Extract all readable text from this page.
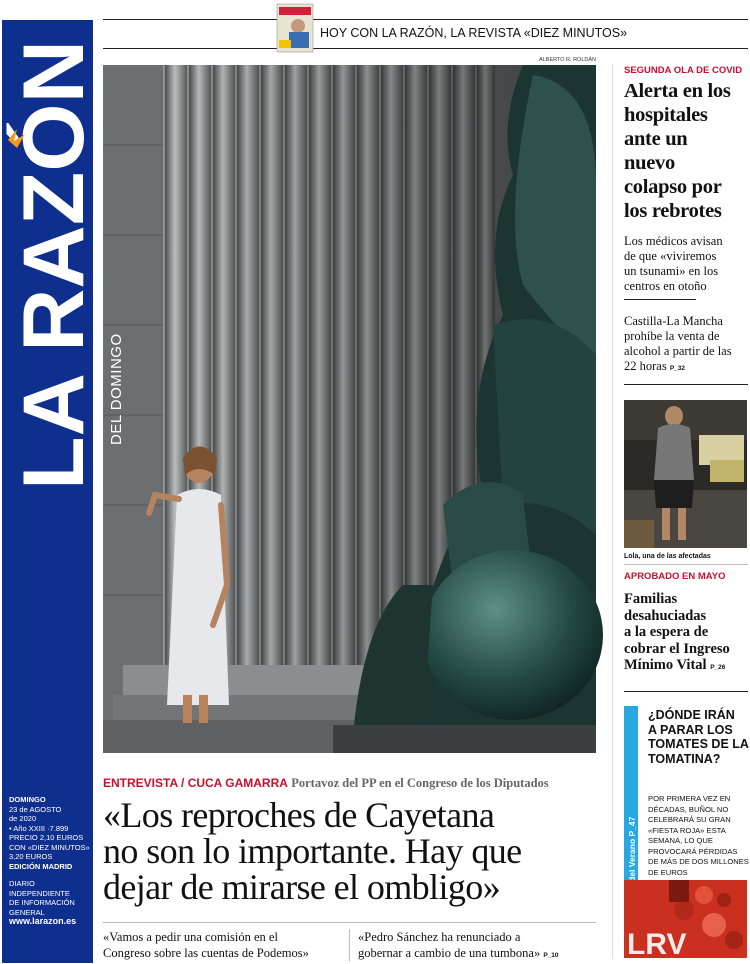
LA RAZÓN
DOMINGO
23 de AGOSTO
de 2020
• Año XXIII ·7.899
PRECIO 2,10 EUROS
CON «DIEZ MINUTOS»
3,20 EUROS
EDICIÓN MADRID
DIARIO
INDEPENDIENTE
DE INFORMACIÓN
GENERAL
www.larazon.es
HOY CON LA RAZÓN, LA REVISTA «DIEZ MINUTOS»
ALBERTO R. ROLDÁN
DEL DOMINGO
ENTREVISTA / CUCA GAMARRA Portavoz del PP en el Congreso de los Diputados
«Los reproches de Cayetana
no son lo importante. Hay que
dejar de mirarse el ombligo»
«Vamos a pedir una comisión en el
Congreso sobre las cuentas de Podemos»
«Pedro Sánchez ha renunciado a
gobernar a cambio de una tumbona» P_10
SEGUNDA OLA DE COVID
Alerta en los
hospitales
ante un
nuevo
colapso por
los rebrotes
Los médicos avisan
de que «viviremos
un tsunami» en los
centros en otoño
Castilla-La Mancha
prohíbe la venta de
alcohol a partir de las
22 horas P_32
Lola, una de las afectadas
APROBADO EN MAYO
Familias
desahuciadas
a la espera de
cobrar el Ingreso
Mínimo Vital P_26
P_47
¿DÓNDE IRÁN
A PARAR LOS
TOMATES DE LA
TOMATINA?
POR PRIMERA VEZ EN
DÉCADAS, BUÑOL NO
CELEBRARÁ SU GRAN
«FIESTA ROJA» ESTA
SEMANA, LO QUE
PROVOCARÁ PÉRDIDAS
DE MÁS DE DOS MILLONES
DE EUROS
LRV
